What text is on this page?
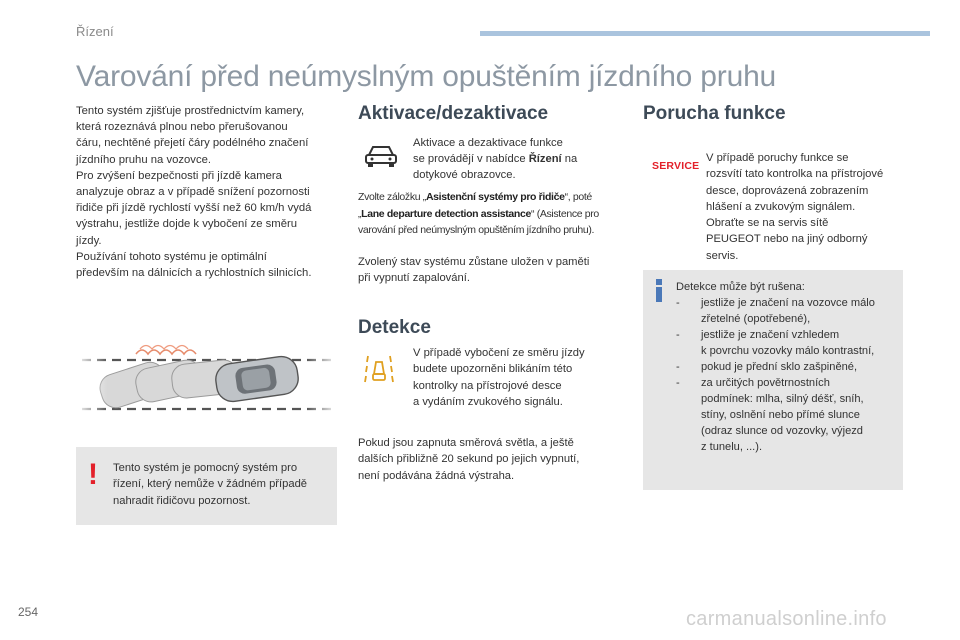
Řízení
Varování před neúmyslným opuštěním jízdního pruhu

Tento systém zjišťuje prostřednictvím kamery,

která rozeznává plnou nebo přerušovanou

čáru, nechtěné přejetí čáry podélného značení

jízdního pruhu na vozovce.

Pro zvýšení bezpečnosti při jízdě kamera

analyzuje obraz a v případě snížení pozornosti

řidiče při jízdě rychlostí vyšší než 60 km/h vydá

výstrahu, jestliže dojde k vybočení ze směru

jízdy.

Používání tohoto systému je optimální

především na dálnicích a rychlostních silnicích.

! Tento systém je pomocný systém pro
řízení, který nemůže v žádném případě
nahradit řidičovu pozornost.
Aktivace/dezaktivace
Aktivace a dezaktivace funkce
se provádějí v nabídce Řízení na
dotykové obrazovce.
Zvolte záložku „Asistenční systémy pro řidiče“, poté
„Lane departure detection assistance“ (Asistence pro
varování před neúmyslným opuštěním jízdního pruhu).
Zvolený stav systému zůstane uložen v paměti
při vypnutí zapalování.
Detekce
V případě vybočení ze směru jízdy
budete upozorněni blikáním této
kontrolky na přístrojové desce
a vydáním zvukového signálu.
Pokud jsou zapnuta směrová světla, a ještě
dalších přibližně 20 sekund po jejich vypnutí,
není podávána žádná výstraha.
Porucha funkce
SERVICE
V případě poruchy funkce se
rozsvítí tato kontrolka na přístrojové
desce, doprovázená zobrazením
hlášení a zvukovým signálem.
Obraťte se na servis sítě
PEUGEOT nebo na jiný odborný
servis.
Detekce může být rušena:
- jestliže je značení na vozovce málo
zřetelné (opotřebené),
- jestliže je značení vzhledem
k povrchu vozovky málo kontrastní,
- pokud je přední sklo zašpiněné,
- za určitých povětrnostních
podmínek: mlha, silný déšť, sníh,
stíny, oslnění nebo přímé slunce
(odraz slunce od vozovky, výjezd
z tunelu, ...).
254	carmanualsonline.info
